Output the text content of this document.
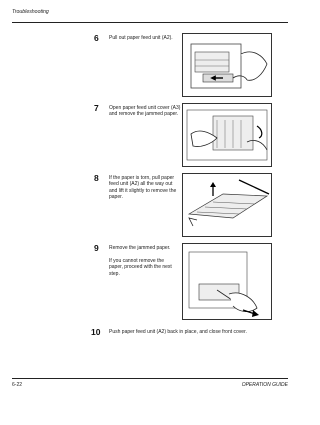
Troubleshooting
6 Pull out paper feed unit (A2).
7 Open paper feed unit cover (A3) and remove the jammed paper.
8 If the paper is torn, pull paper feed unit (A2) all the way out and lift it slightly to remove the paper.
9 Remove the jammed paper.
If you cannot remove the paper, proceed with the next step.
10 Push paper feed unit (A2) back in place, and close front cover.
6-22	OPERATION GUIDE
